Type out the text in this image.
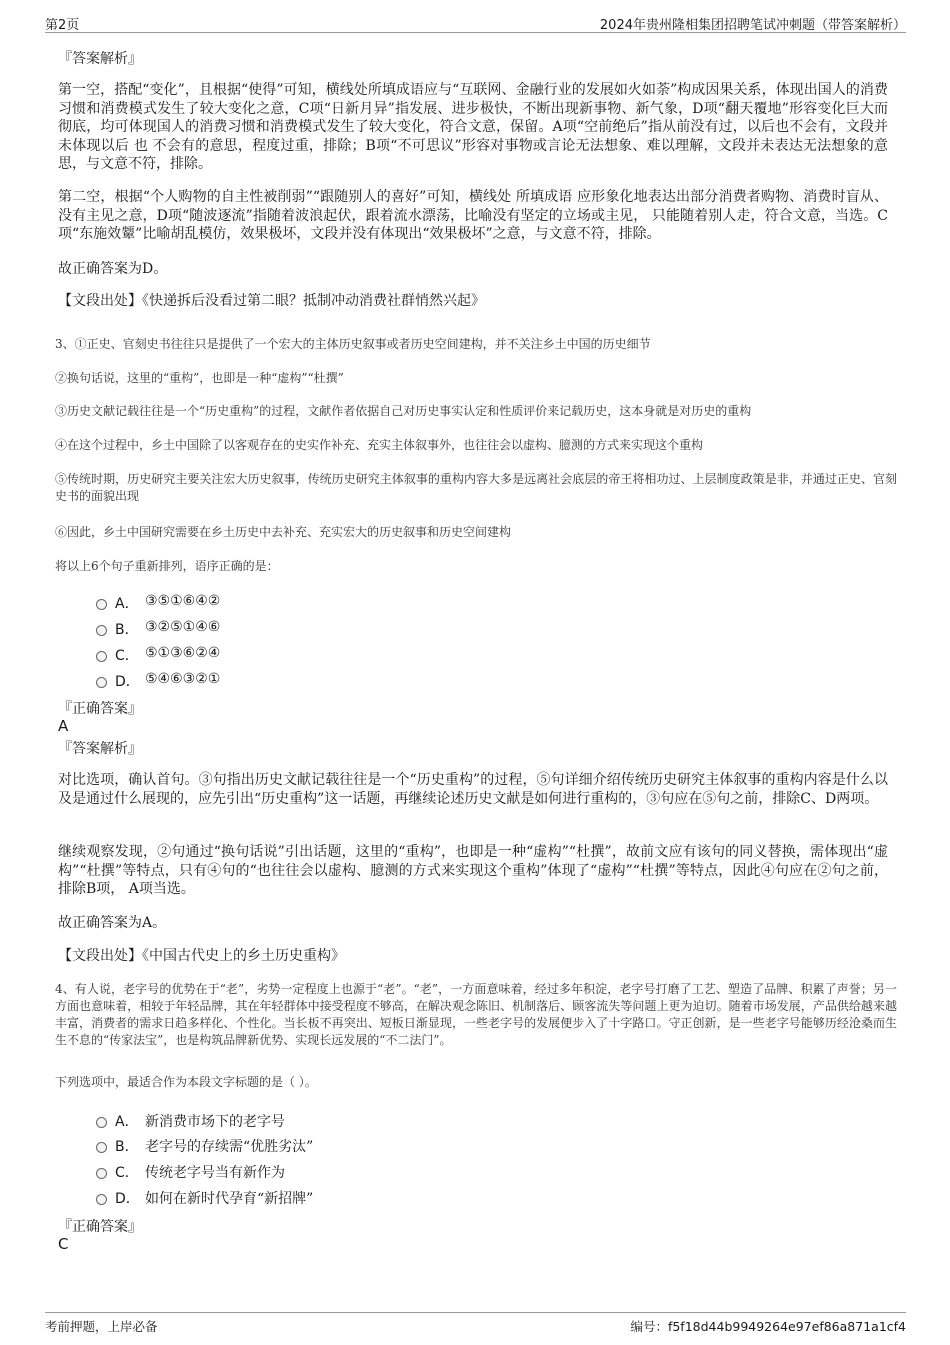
第2页	2024年贵州隆相集团招聘笔试冲刺题（带答案解析）
『答案解析』
第一空，搭配“变化”，且根据“使得”可知，横线处所填成语应与“互联网、金融行业的发展如火如荼”构成因果关系，体现出国人的消费习惯和消费模式发生了较大变化之意，C项“日新月异”指发展、进步极快，不断出现新事物、新气象，D项“翻天覆地”形容变化巨大而彻底，均可体现国人的消费习惯和消费模式发生了较大变化，符合文意，保留。A项“空前绝后”指从前没有过，以后也不会有，文段并未体现以后 也 不会有的意思，程度过重，排除；B项“不可思议”形容对事物或言论无法想象、难以理解，文段并未表达无法想象的意思，与文意不符，排除。
第二空，根据“个人购物的自主性被削弱”“跟随别人的喜好”可知，横线处 所填成语 应形象化地表达出部分消费者购物、消费时盲从、没有主见之意，D项“随波逐流”指随着波浪起伏，跟着流水漂荡，比喻没有坚定的立场或主见， 只能随着别人走，符合文意，当选。C项“东施效颦”比喻胡乱模仿，效果极坏，文段并没有体现出“效果极坏”之意，与文意不符，排除。
故正确答案为D。
【文段出处】《快递拆后没看过第二眼？抵制冲动消费社群悄然兴起》
3、①正史、官刻史书往往只是提供了一个宏大的主体历史叙事或者历史空间建构，并不关注乡土中国的历史细节
②换句话说，这里的“重构”，也即是一种“虚构”“杜撰”
③历史文献记载往往是一个“历史重构”的过程，文献作者依据自己对历史事实认定和性质评价来记载历史，这本身就是对历史的重构
④在这个过程中，乡土中国除了以客观存在的史实作补充、充实主体叙事外，也往往会以虚构、臆测的方式来实现这个重构
⑤传统时期，历史研究主要关注宏大历史叙事，传统历史研究主体叙事的重构内容大多是远离社会底层的帝王将相功过、上层制度政策是非，并通过正史、官刻史书的面貌出现
⑥因此，乡土中国研究需要在乡土历史中去补充、充实宏大的历史叙事和历史空间建构
将以上6个句子重新排列，语序正确的是：
A． ③⑤①⑥④②
B． ③②⑤①④⑥
C． ⑤①③⑥②④
D． ⑤④⑥③②①
『正确答案』
A
『答案解析』
对比选项，确认首句。③句指出历史文献记载往往是一个“历史重构”的过程，⑤句详细介绍传统历史研究主体叙事的重构内容是什么以及是通过什么展现的，应先引出“历史重构”这一话题，再继续论述历史文献是如何进行重构的，③句应在⑤句之前，排除C、D两项。
继续观察发现，②句通过“换句话说”引出话题，这里的“重构”，也即是一种“虚构”“杜撰”，故前文应有该句的同义替换，需体现出“虚构”“杜撰”等特点，只有④句的“也往往会以虚构、臆测的方式来实现这个重构”体现了“虚构”“杜撰”等特点，因此④句应在②句之前，排除B项， A项当选。
故正确答案为A。
【文段出处】《中国古代史上的乡土历史重构》
4、有人说，老字号的优势在于“老”，劣势一定程度上也源于“老”。“老”，一方面意味着，经过多年积淀，老字号打磨了工艺、塑造了品牌、积累了声誉；另一方面也意味着，相较于年轻品牌，其在年轻群体中接受程度不够高，在解决观念陈旧、机制落后、顾客流失等问题上更为迫切。随着市场发展，产品供给越来越丰富，消费者的需求日趋多样化、个性化。当长板不再突出、短板日渐显现，一些老字号的发展便步入了十字路口。守正创新，是一些老字号能够历经沧桑而生生不息的“传家法宝”，也是构筑品牌新优势、实现长远发展的“不二法门”。
下列选项中，最适合作为本段文字标题的是（ ）。
A． 新消费市场下的老字号
B． 老字号的存续需“优胜劣汰”
C． 传统老字号当有新作为
D． 如何在新时代孕育“新招牌”
『正确答案』
C
考前押题，上岸必备	编号：f5f18d44b9949264e97ef86a871a1cf4
